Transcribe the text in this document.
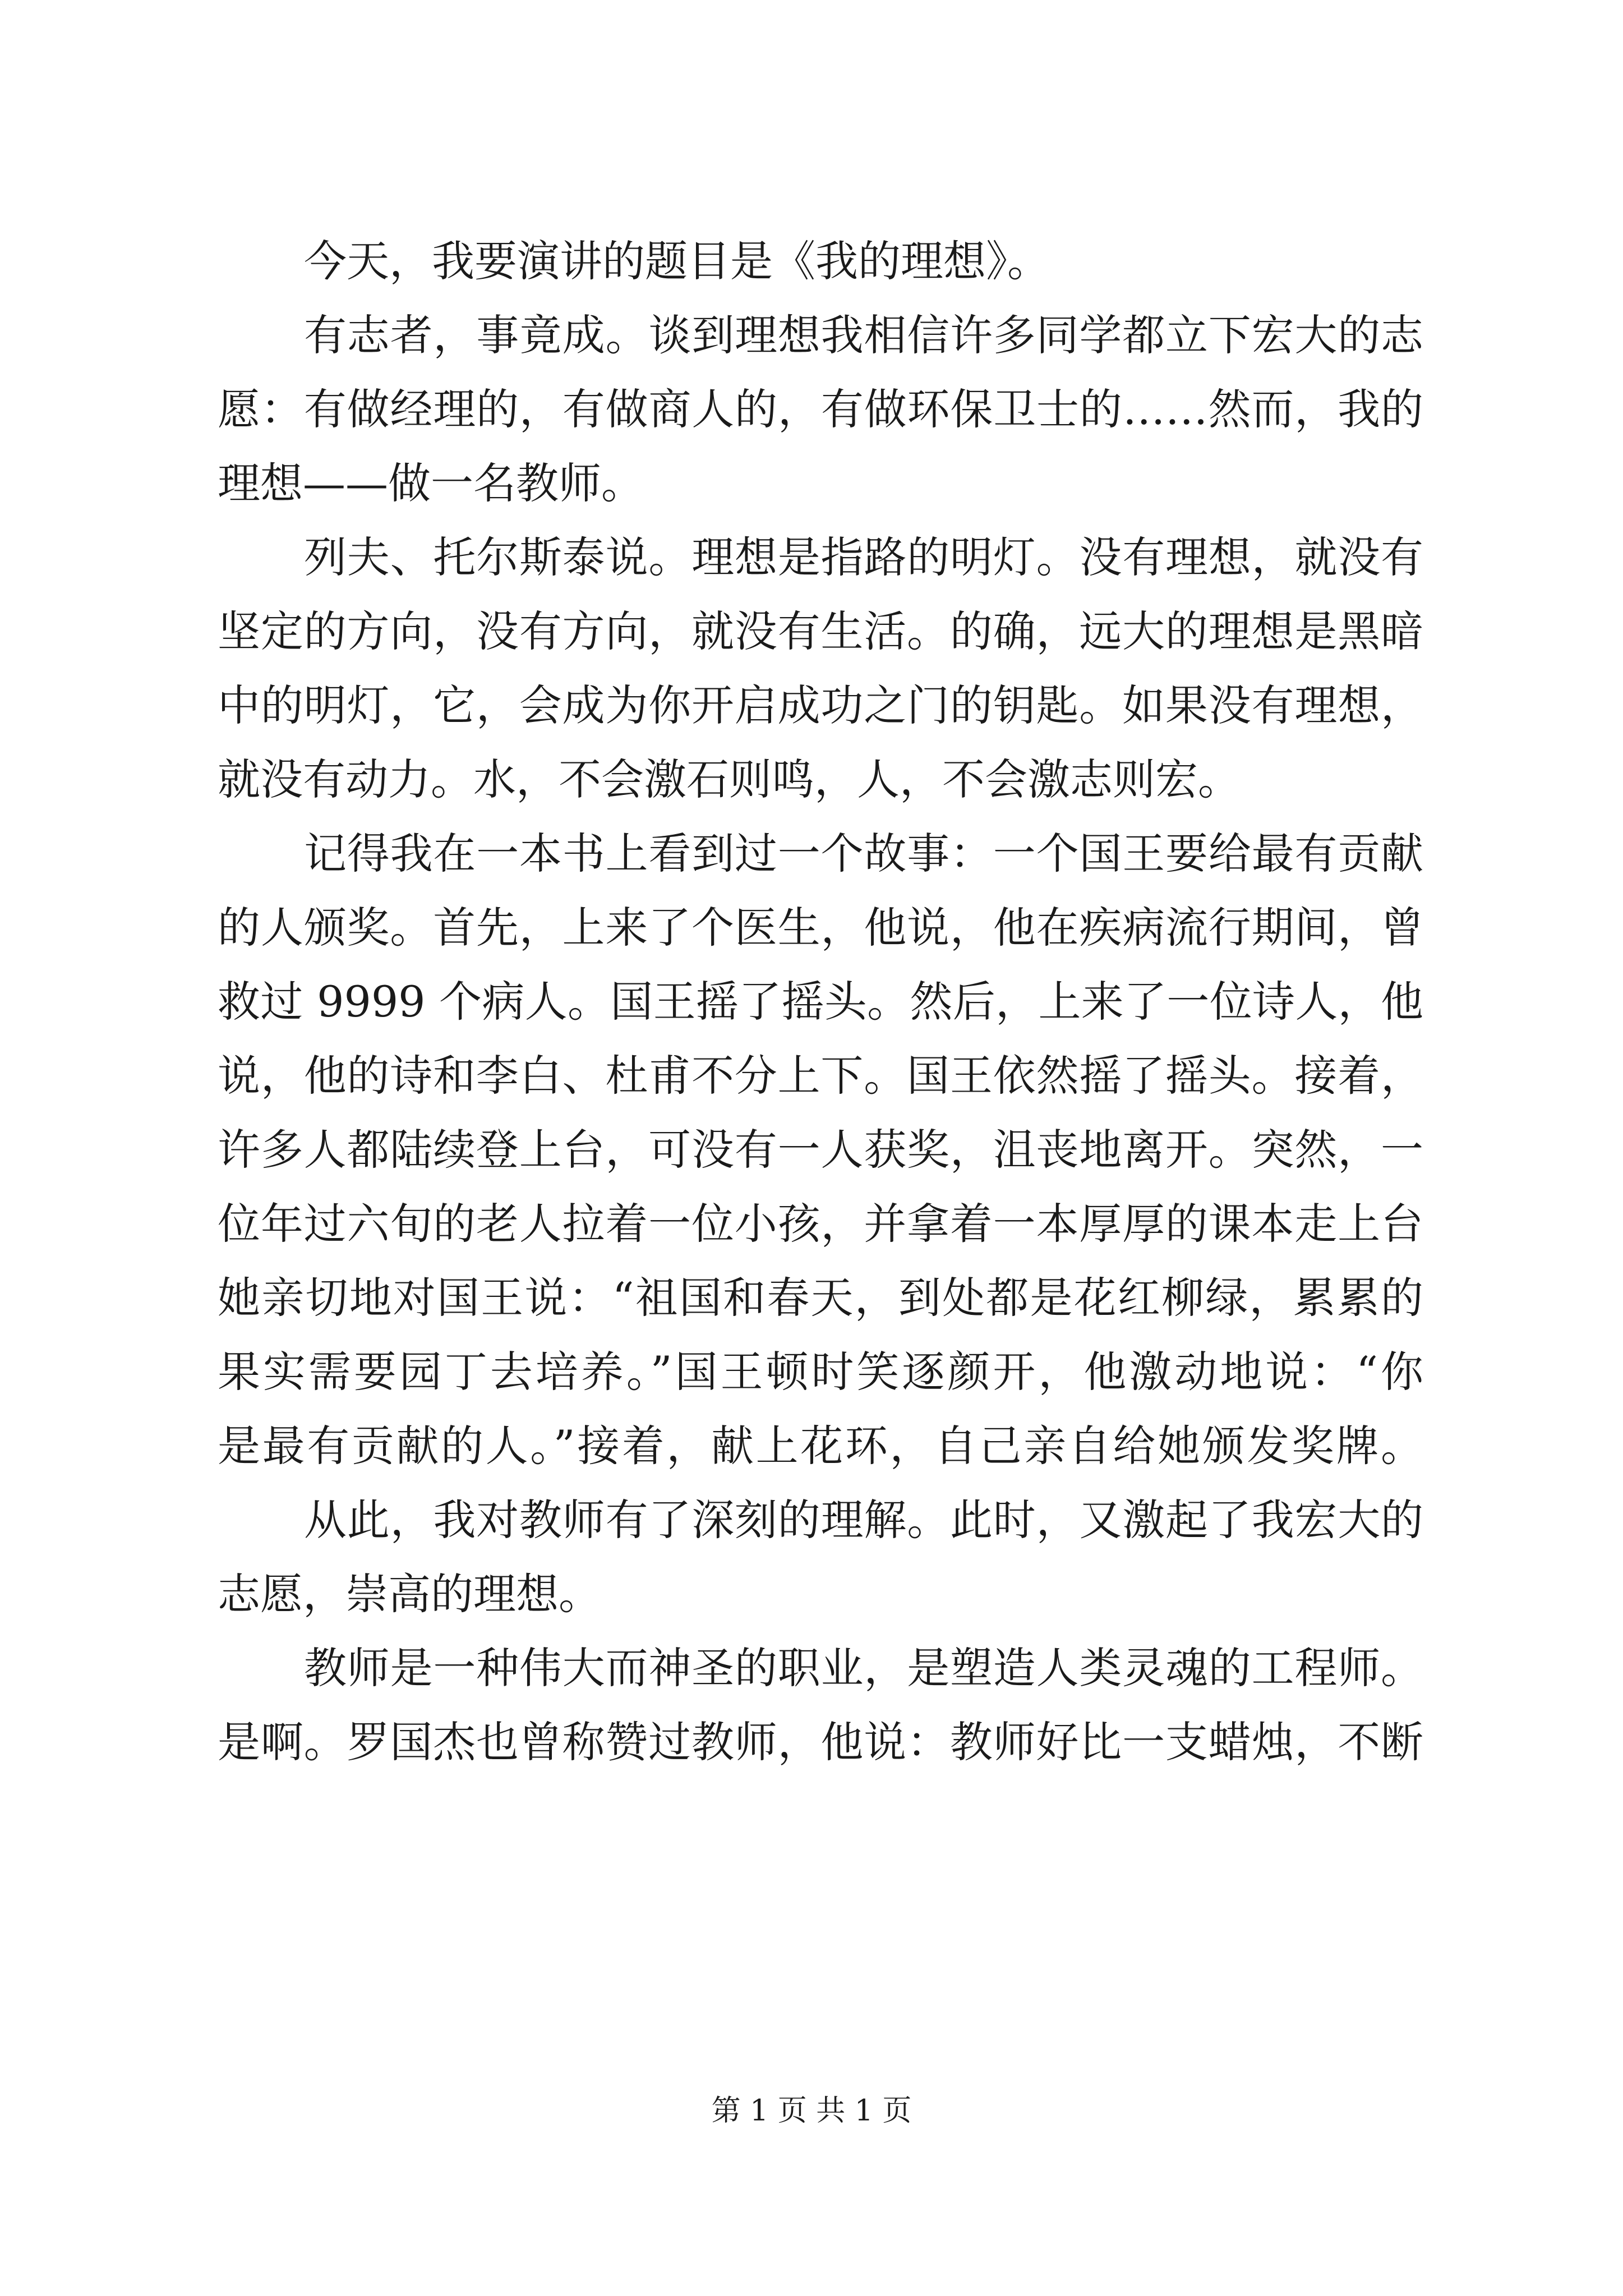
今天，我要演讲的题目是《我的理想》。
有志者，事竟成。谈到理想我相信许多同学都立下宏大的志
愿：有做经理的，有做商人的，有做环保卫士的……然而，我的
理想——做一名教师。
列夫、托尔斯泰说。理想是指路的明灯。没有理想，就没有
坚定的方向，没有方向，就没有生活。的确，远大的理想是黑暗
中的明灯，它，会成为你开启成功之门的钥匙。如果没有理想，
就没有动力。水，不会激石则鸣，人，不会激志则宏。
记得我在一本书上看到过一个故事：一个国王要给最有贡献
的人颁奖。首先，上来了个医生，他说，他在疾病流行期间，曾
救过 9999 个病人。国王摇了摇头。然后，上来了一位诗人，他
说，他的诗和李白、杜甫不分上下。国王依然摇了摇头。接着，
许多人都陆续登上台，可没有一人获奖，沮丧地离开。突然，一
位年过六旬的老人拉着一位小孩，并拿着一本厚厚的课本走上台
她亲切地对国王说：“祖国和春天，到处都是花红柳绿，累累的
果实需要园丁去培养。”国王顿时笑逐颜开，他激动地说：“你
是最有贡献的人。”接着，献上花环，自己亲自给她颁发奖牌。
从此，我对教师有了深刻的理解。此时，又激起了我宏大的
志愿，崇高的理想。
教师是一种伟大而神圣的职业，是塑造人类灵魂的工程师。
是啊。罗国杰也曾称赞过教师，他说：教师好比一支蜡烛，不断
第 1 页 共 1 页
